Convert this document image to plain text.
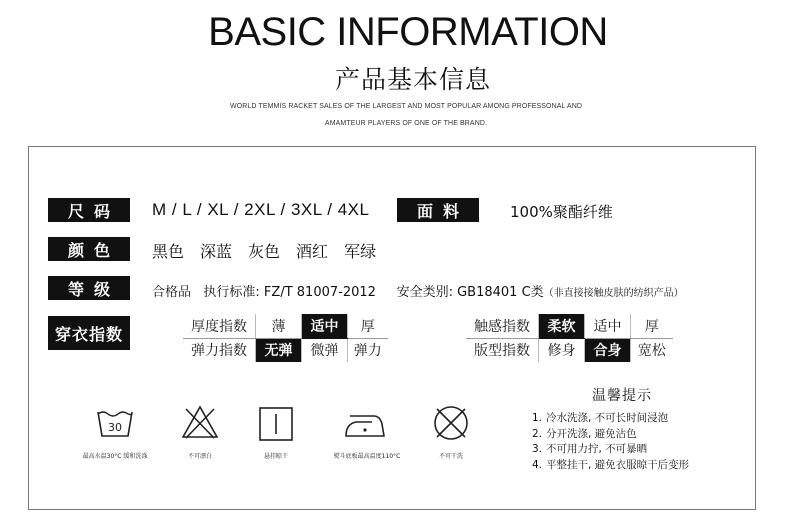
BASIC INFORMATION
产品基本信息
WORLD TEMMIS RACKET SALES OF THE LARGEST AND MOST POPULAR AMONG PROFESSONAL AND
AMAMTEUR PLAYERS OF ONE OF THE BRAND.
尺码	M / L / XL / 2XL / 3XL / 4XL	面料	100%聚酯纤维
颜色	黑色 深蓝 灰色 酒红 军绿
等级	合格品 执行标准: FZ/T 81007-2012 安全类别: GB18401 C类（非直接接触皮肤的纺织产品）
穿衣指数	厚度指数	薄	适中	厚
弹力指数	无弹	微弹	弹力
触感指数	柔软	适中	厚
版型指数	修身	合身	宽松
30
最高水温30°C 缓和洗涤	不可漂白	悬挂晾干	熨斗底板最高温度110°C	不可干洗
温馨提示
1. 冷水洗涤, 不可长时间浸泡
2. 分开洗涤, 避免沾色
3. 不可用力拧, 不可暴晒
4. 平整挂干, 避免衣服晾干后变形
